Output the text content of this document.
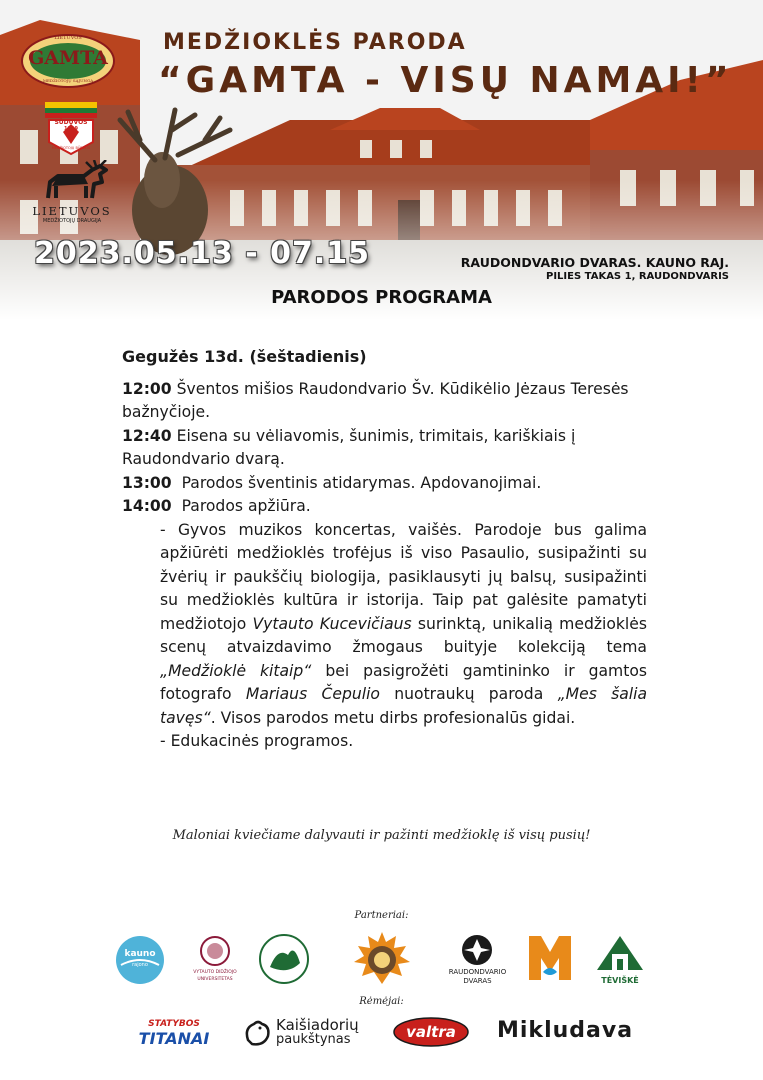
LIETUVOS
GAMTA
MEDŽIOTOJŲ SĄJUNGA
SŪDUVOS
1999
MEDŽIOTOJŲ BŪRELIS
LIETUVOS
MEDŽIOTOJŲ DRAUGIJA
MEDŽIOKLĖS PARODA
“GAMTA - VISŲ NAMAI!”
2023.05.13 - 07.15	RAUDONDVARIO DVARAS. KAUNO RAJ.
PILIES TAKAS 1, RAUDONDVARIS
PARODOS PROGRAMA

Gegužės 13d. (šeštadienis)

12:00 Šventos mišios Raudondvario Šv. Kūdikėlio Jėzaus Teresės bažnyčioje.

12:40 Eisena su vėliavomis, šunimis, trimitais, kariškiais į Raudondvario dvarą.

13:00 Parodos šventinis atidarymas. Apdovanojimai.

14:00 Parodos apžiūra.

- Gyvos muzikos koncertas, vaišės. Parodoje bus galima apžiūrėti medžioklės trofėjus iš viso Pasaulio, susipažinti su žvėrių ir paukščių biologija, pasiklausyti jų balsų, susipažinti su medžioklės kultūra ir istorija. Taip pat galėsite pamatyti medžiotojo Vytauto Kucevičiaus surinktą, unikalią medžioklės scenų atvaizdavimo žmogaus buityje kolekciją tema „Medžioklė kitaip“ bei pasigrožėti gamtininko ir gamtos fotografo Mariaus Čepulio nuotraukų paroda „Mes šalia tavęs“. Visos parodos metu dirbs profesionalūs gidai.

- Edukacinės programos.

Maloniai kviečiame dalyvauti ir pažinti medžioklę iš visų pusių!
Partneriai:
kauno
rajono
VYTAUTO DIDŽIOJO
UNIVERSITETAS
RAUDONDVARIO
DVARAS	TĖVIŠKĖ
Rėmėjai:
STATYBOS
TITANAI
Kaišiadorių
paukštynas	valtra	Mikludava
